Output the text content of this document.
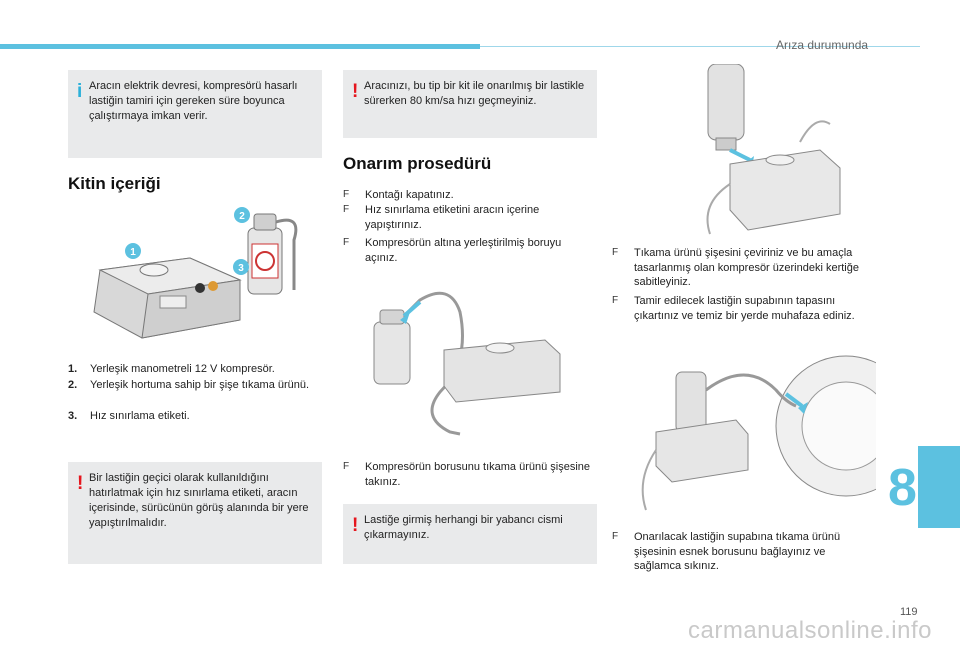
Arıza durumunda
i Aracın elektrik devresi, kompresörü hasarlı lastiğin tamiri için gereken süre boyunca çalıştırmaya imkan verir.
Kitin içeriği
1
2
3
1.	Yerleşik manometreli 12 V kompresör.
2.	Yerleşik hortuma sahip bir şişe tıkama ürünü.
3.	Hız sınırlama etiketi.
! Bir lastiğin geçici olarak kullanıldığını hatırlatmak için hız sınırlama etiketi, aracın içerisinde, sürücünün görüş alanında bir yere yapıştırılmalıdır.
! Aracınızı, bu tip bir kit ile onarılmış bir lastikle sürerken 80 km/sa hızı geçmeyiniz.
Onarım prosedürü
F	Kontağı kapatınız.
F	Hız sınırlama etiketini aracın içerine yapıştırınız.
F	Kompresörün altına yerleştirilmiş boruyu açınız.
F	Kompresörün borusunu tıkama ürünü şişesine takınız.
! Lastiğe girmiş herhangi bir yabancı cismi çıkarmayınız.
F	Tıkama ürünü şişesini çeviriniz ve bu amaçla tasarlanmış olan kompresör üzerindeki kertiğe sabitleyiniz.
F	Tamir edilecek lastiğin supabının tapasını çıkartınız ve temiz bir yerde muhafaza ediniz.
F	Onarılacak lastiğin supabına tıkama ürünü şişesinin esnek borusunu bağlayınız ve sağlamca sıkınız.
8
119
carmanualsonline.info
